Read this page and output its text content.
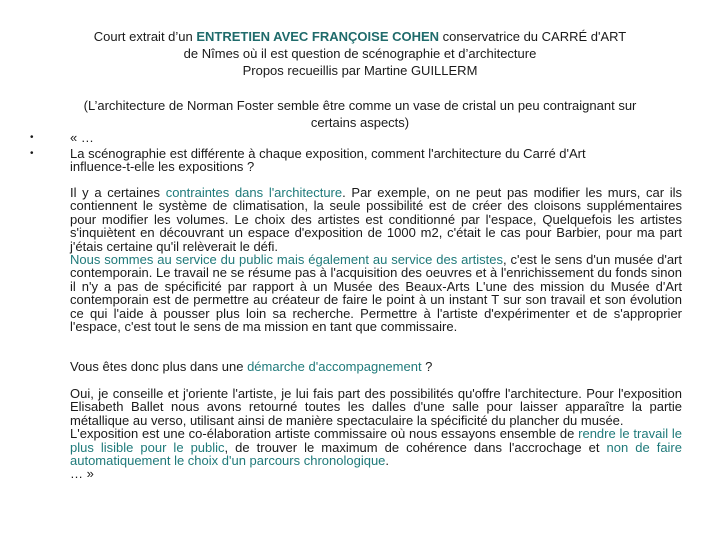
Court extrait d’un ENTRETIEN AVEC FRANÇOISE COHEN conservatrice du CARRÉ d'ART

de Nîmes où il est question de scénographie et d’architecture

Propos recueillis par Martine GUILLERM

(L’architecture de Norman Foster semble être comme un vase de cristal un peu contraignant sur

certains aspects)

•	« …
•	La scénographie est différente à chaque exposition, comment l'architecture du Carré d'Art influence-t-elle les expositions ?

Il y a certaines contraintes dans l'architecture. Par exemple, on ne peut pas modifier les murs, car ils contiennent le système de climatisation, la seule possibilité est de créer des cloisons supplémentaires pour modifier les volumes. Le choix des artistes est conditionné par l'espace, Quelquefois les artistes s'inquiètent en découvrant un espace d'exposition de 1000 m2, c'était le cas pour Barbier, pour ma part j'étais certaine qu'il relèverait le défi.

Nous sommes au service du public mais également au service des artistes, c'est le sens d'un musée d'art contemporain. Le travail ne se résume pas à l'acquisition des oeuvres et à l'enrichissement du fonds sinon il n'y a pas de spécificité par rapport à un Musée des Beaux-Arts L'une des mission du Musée d'Art contemporain est de permettre au créateur de faire le point à un instant T sur son travail et son évolution ce qui l'aide à pousser plus loin sa recherche. Permettre à l'artiste d'expérimenter et de s'approprier l'espace, c'est tout le sens de ma mission en tant que commissaire.

Vous êtes donc plus dans une démarche d'accompagnement ?

Oui, je conseille et j'oriente l'artiste, je lui fais part des possibilités qu'offre l'architecture. Pour l'exposition Elisabeth Ballet nous avons retourné toutes les dalles d'une salle pour laisser apparaître la partie métallique au verso, utilisant ainsi de manière spectaculaire la spécificité du plancher du musée.

L'exposition est une co-élaboration artiste commissaire où nous essayons ensemble de rendre le travail le plus lisible pour le public, de trouver le maximum de cohérence dans l'accrochage et non de faire automatiquement le choix d'un parcours chronologique.

… »
